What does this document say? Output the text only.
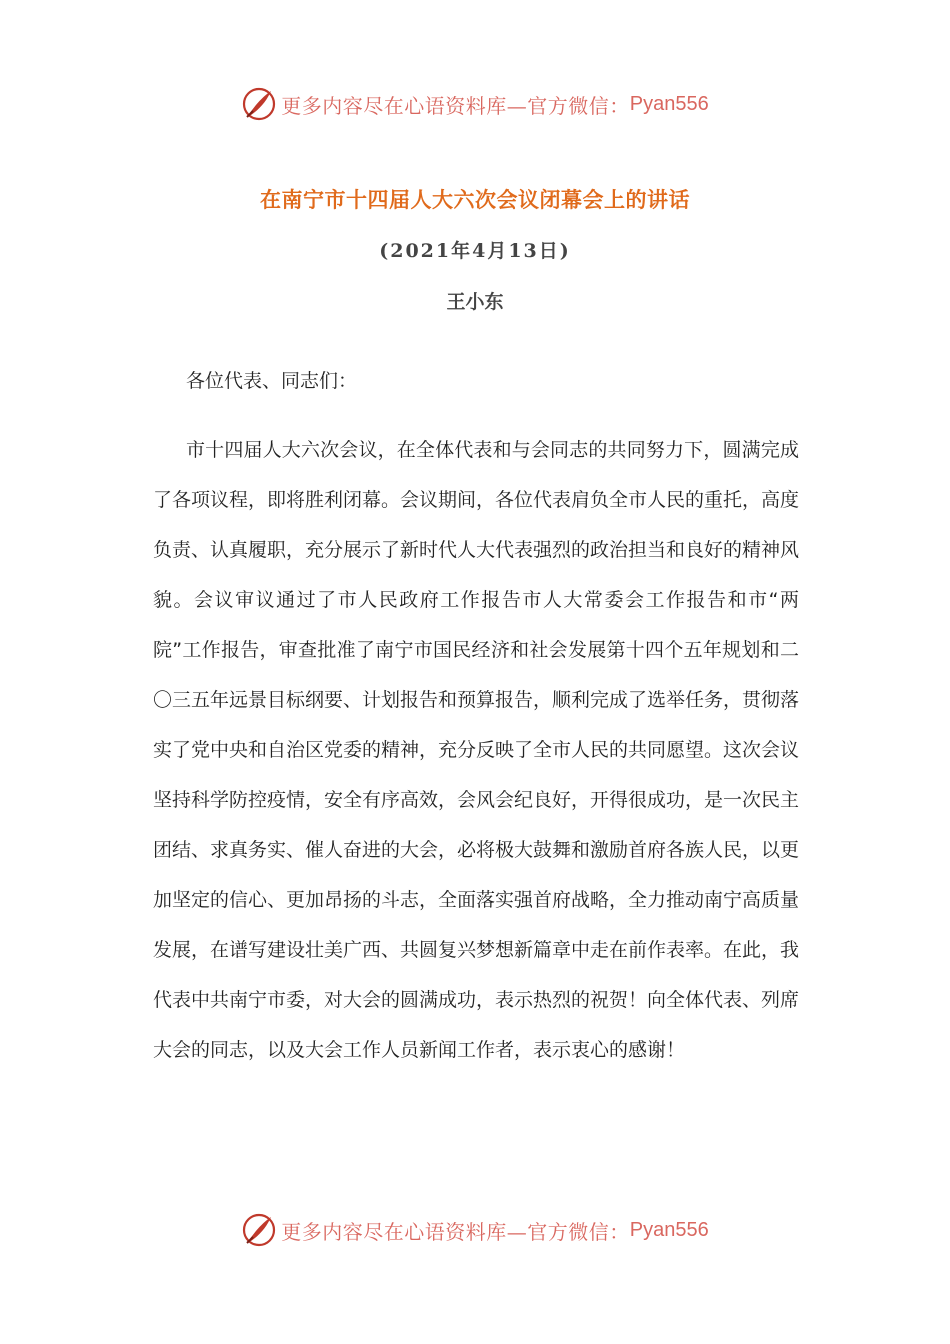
更多内容尽在心语资料库—官方微信： Pyan556
在南宁市十四届人大六次会议闭幕会上的讲话
(2021年4月13日)
王小东
各位代表、同志们：

市十四届人大六次会议，在全体代表和与会同志的共同努力下，圆满完成了各项议程，即将胜利闭幕。会议期间，各位代表肩负全市人民的重托，高度负责、认真履职，充分展示了新时代人大代表强烈的政治担当和良好的精神风貌。会议审议通过了市人民政府工作报告市人大常委会工作报告和市“两院”工作报告，审查批准了南宁市国民经济和社会发展第十四个五年规划和二〇三五年远景目标纲要、计划报告和预算报告，顺利完成了选举任务，贯彻落实了党中央和自治区党委的精神，充分反映了全市人民的共同愿望。这次会议坚持科学防控疫情，安全有序高效，会风会纪良好，开得很成功，是一次民主团结、求真务实、催人奋进的大会，必将极大鼓舞和激励首府各族人民，以更加坚定的信心、更加昂扬的斗志，全面落实强首府战略，全力推动南宁高质量发展，在谱写建设壮美广西、共圆复兴梦想新篇章中走在前作表率。在此，我代表中共南宁市委，对大会的圆满成功，表示热烈的祝贺！向全体代表、列席大会的同志，以及大会工作人员新闻工作者，表示衷心的感谢！

更多内容尽在心语资料库—官方微信： Pyan556
